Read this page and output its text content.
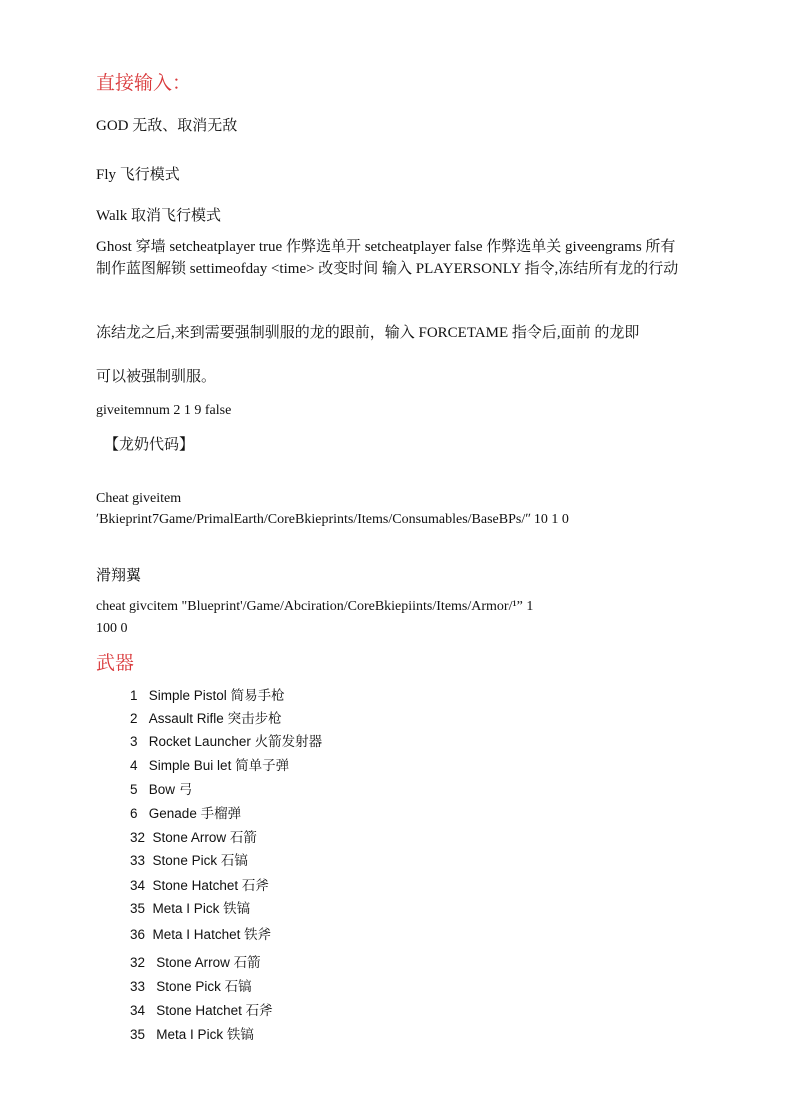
直接输入：
GOD 无敌、取消无敌
Fly 飞行模式
Walk 取消飞行模式
Ghost 穿墙 setcheatplayer true 作弊选单开 setcheatplayer false 作弊选单关 giveengrams 所有制作蓝图解锁 settimeofday <time> 改变时间 输入 PLAYERSONLY 指令,冻结所有龙的行动
冻结龙之后,来到需要强制驯服的龙的跟前，输入 FORCETAME 指令后,面前 的龙即
可以被强制驯服。
giveitemnum 2 1 9 false
【龙奶代码】
Cheat giveitem
ʹBkieprint7Game/PrimalEarth/CoreBkieprints/Items/Consumables/BaseBPs/ʺ 10 1 0
滑翔翼
cheat givcitem "Blueprint'/Game/Abciration/CoreBkiepiints/Items/Armor/¹” 1
100 0
武器
1 Simple Pistol 简易手枪
2 Assault Rifle 突击步枪
3 Rocket Launcher 火箭发射器
4 Simple Bui let 简单子弹
5 Bow 弓
6 Genade 手榴弹
32 Stone Arrow 石箭
33 Stone Pick 石镐
34 Stone Hatchet 石斧
35 Meta I Pick 铁镐
36 Meta I Hatchet 铁斧
32 Stone Arrow 石箭
33 Stone Pick 石镐
34 Stone Hatchet 石斧
35 Meta I Pick 铁镐
